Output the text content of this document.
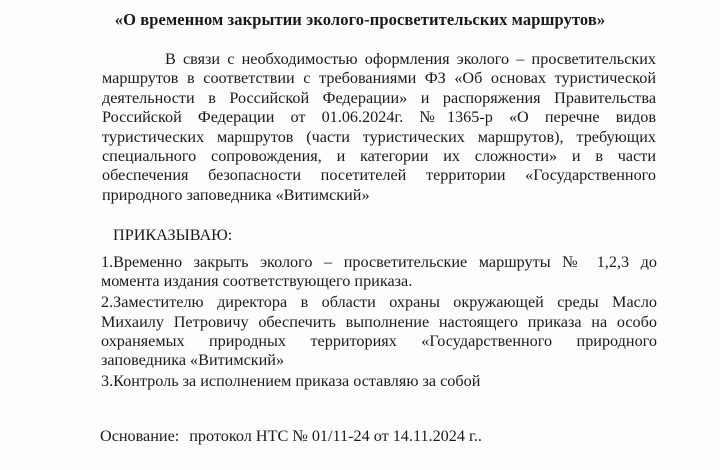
«О временном закрытии эколого-просветительских маршрутов»
В связи с необходимостью оформления эколого – просветительских
маршрутов в соответствии с требованиями ФЗ «Об основах туристической
деятельности в Российской Федерации» и распоряжения Правительства
Российской Федерации от 01.06.2024г. №1365-р «О перечне видов
туристических маршрутов (части туристических маршрутов), требующих
специального сопровождения, и категории их сложности» и в части
обеспечения безопасности посетителей территории «Государственного
природного заповедника «Витимский»
ПРИКАЗЫВАЮ:
1.Временно закрыть эколого – просветительские маршруты № 1,2,3 до
момента издания соответствующего приказа.
2.Заместителю директора в области охраны окружающей среды Масло
Михаилу Петровичу обеспечить выполнение настоящего приказа на особо
охраняемых природных территориях «Государственного природного
заповедника «Витимский»
3.Контроль за исполнением приказа оставляю за собой
Основание: протокол НТС № 01/11-24 от 14.11.2024 г..
